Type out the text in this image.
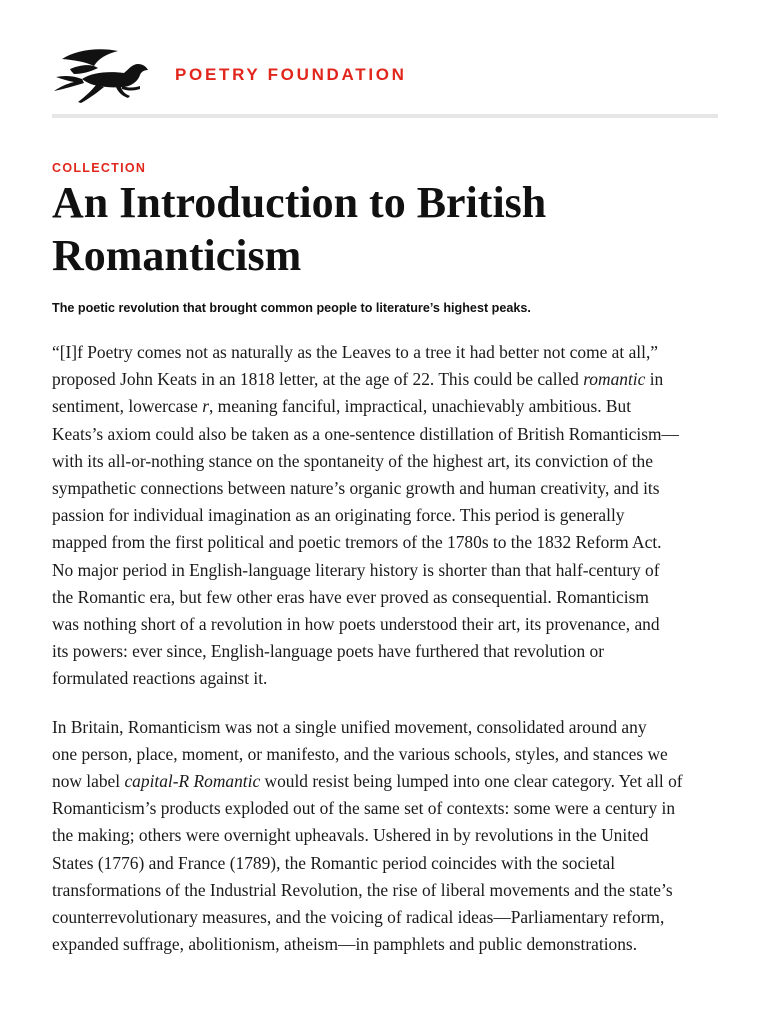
POETRY FOUNDATION
COLLECTION
An Introduction to British
Romanticism

The poetic revolution that brought common people to literature’s highest peaks.

“[I]f Poetry comes not as naturally as the Leaves to a tree it had better not come at all,”
proposed John Keats in an 1818 letter, at the age of 22. This could be called romantic in
sentiment, lowercase r, meaning fanciful, impractical, unachievably ambitious. But
Keats’s axiom could also be taken as a one-sentence distillation of British Romanticism—
with its all-or-nothing stance on the spontaneity of the highest art, its conviction of the
sympathetic connections between nature’s organic growth and human creativity, and its
passion for individual imagination as an originating force. This period is generally
mapped from the first political and poetic tremors of the 1780s to the 1832 Reform Act.
No major period in English-language literary history is shorter than that half-century of
the Romantic era, but few other eras have ever proved as consequential. Romanticism
was nothing short of a revolution in how poets understood their art, its provenance, and
its powers: ever since, English-language poets have furthered that revolution or
formulated reactions against it.

In Britain, Romanticism was not a single unified movement, consolidated around any
one person, place, moment, or manifesto, and the various schools, styles, and stances we
now label capital-R Romantic would resist being lumped into one clear category. Yet all of
Romanticism’s products exploded out of the same set of contexts: some were a century in
the making; others were overnight upheavals. Ushered in by revolutions in the United
States (1776) and France (1789), the Romantic period coincides with the societal
transformations of the Industrial Revolution, the rise of liberal movements and the state’s
counterrevolutionary measures, and the voicing of radical ideas—Parliamentary reform,
expanded suffrage, abolitionism, atheism—in pamphlets and public demonstrations.
